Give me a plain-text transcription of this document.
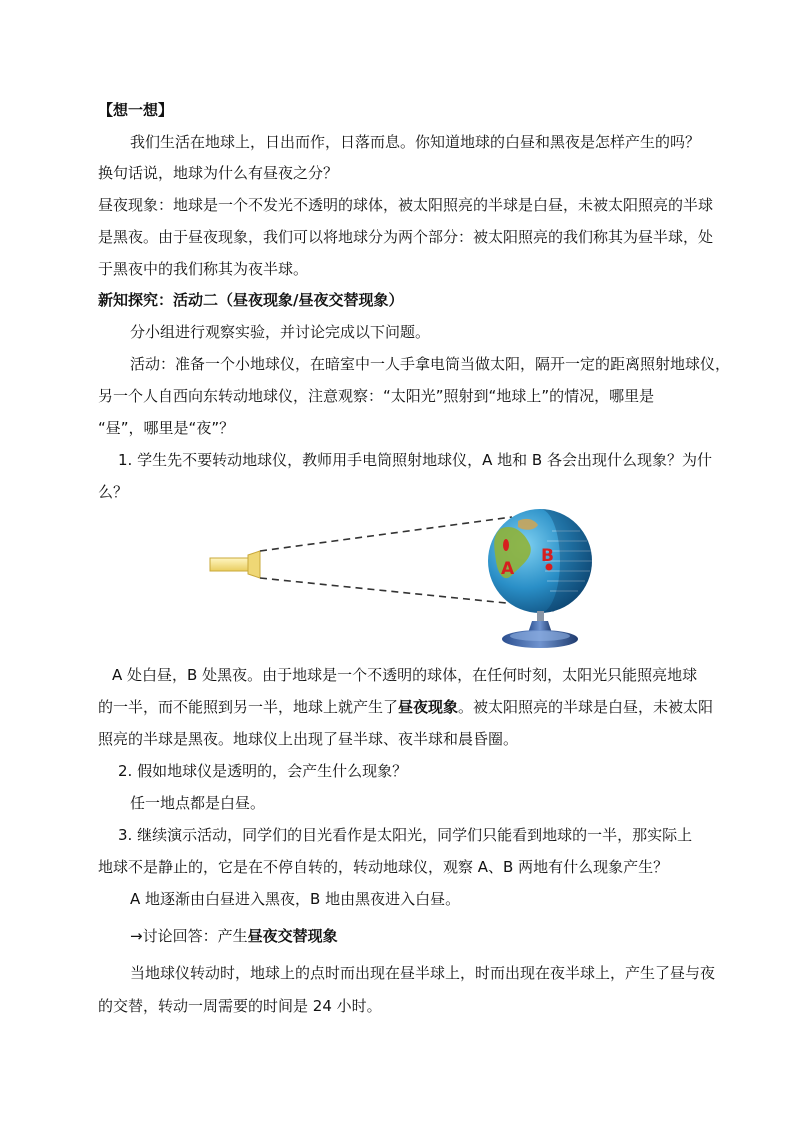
【想一想】
我们生活在地球上，日出而作，日落而息。你知道地球的白昼和黑夜是怎样产生的吗？
换句话说，地球为什么有昼夜之分？
昼夜现象：地球是一个不发光不透明的球体，被太阳照亮的半球是白昼，未被太阳照亮的半球
是黑夜。由于昼夜现象，我们可以将地球分为两个部分：被太阳照亮的我们称其为昼半球，处
于黑夜中的我们称其为夜半球。
新知探究：活动二（昼夜现象/昼夜交替现象）
分小组进行观察实验，并讨论完成以下问题。
活动：准备一个小地球仪，在暗室中一人手拿电筒当做太阳，隔开一定的距离照射地球仪，
另一个人自西向东转动地球仪，注意观察：“太阳光”照射到“地球上”的情况，哪里是
“昼”，哪里是“夜”？
1. 学生先不要转动地球仪，教师用手电筒照射地球仪，A 地和 B 各会出现什么现象？为什
么？
A
B
A 处白昼，B 处黑夜。由于地球是一个不透明的球体，在任何时刻，太阳光只能照亮地球
的一半，而不能照到另一半，地球上就产生了昼夜现象。被太阳照亮的半球是白昼，未被太阳
照亮的半球是黑夜。地球仪上出现了昼半球、夜半球和晨昏圈。
2. 假如地球仪是透明的，会产生什么现象？
任一地点都是白昼。
3. 继续演示活动，同学们的目光看作是太阳光，同学们只能看到地球的一半，那实际上
地球不是静止的，它是在不停自转的，转动地球仪，观察 A、B 两地有什么现象产生？
A 地逐渐由白昼进入黑夜，B 地由黑夜进入白昼。
→讨论回答：产生昼夜交替现象
当地球仪转动时，地球上的点时而出现在昼半球上，时而出现在夜半球上，产生了昼与夜
的交替，转动一周需要的时间是 24 小时。
